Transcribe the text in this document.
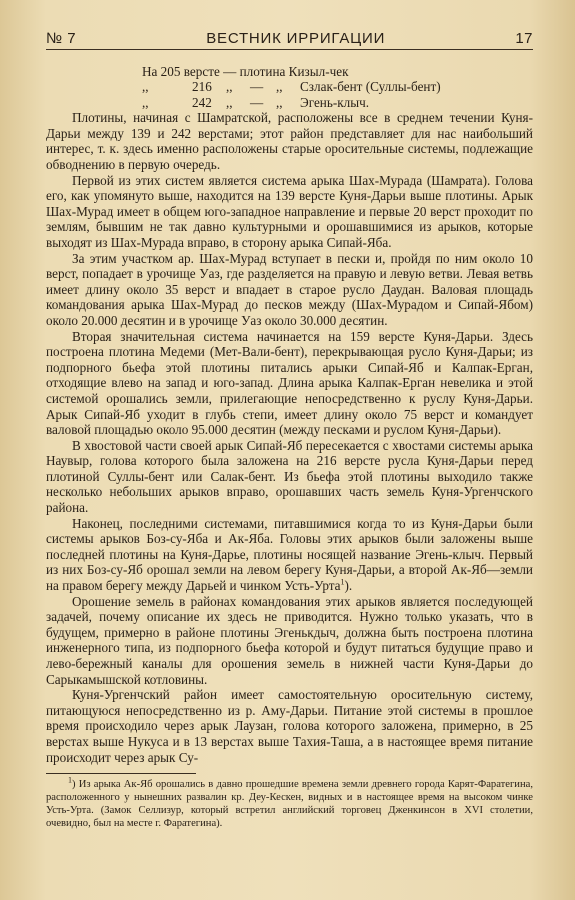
№ 7	ВЕСТНИК ИРРИГАЦИИ	17
На 205 версте — плотина Кизыл-чек
,,	216	,,	— ,,	Сзлак-бент (Суллы-бент)
,,	242	,,	— ,,	Эгень-клыч.

Плотины, начиная с Шамратской, расположены все в среднем течении Куня-Дарьи между 139 и 242 верстами; этот район представляет для нас наибольший интерес, т. к. здесь именно расположены старые оросительные системы, подлежащие обводнению в первую очередь.

Первой из этих систем является система арыка Шах-Мурада (Шамрата). Голова его, как упомянуто выше, находится на 139 версте Куня-Дарьи выше плотины. Арык Шах-Мурад имеет в общем юго-западное направление и первые 20 верст проходит по землям, бывшим не так давно культурными и орошавшимися из арыков, которые выходят из Шах-Мурада вправо, в сторону арыка Сипай-Яба.

За этим участком ар. Шах-Мурад вступает в пески и, пройдя по ним около 10 верст, попадает в урочище Уаз, где разделяется на правую и левую ветви. Левая ветвь имеет длину около 35 верст и впадает в старое русло Даудан. Валовая площадь командования арыка Шах-Мурад до песков между (Шах-Мурадом и Сипай-Ябом) около 20.000 десятин и в урочище Уаз около 30.000 десятин.

Вторая значительная система начинается на 159 версте Куня-Дарьи. Здесь построена плотина Медеми (Мет-Вали-бент), перекрывающая русло Куня-Дарьи; из подпорного бьефа этой плотины питались арыки Сипай-Яб и Калпак-Ерган, отходящие влево на запад и юго-запад. Длина арыка Калпак-Ерган невелика и этой системой орошались земли, прилегающие непосредственно к руслу Куня-Дарьи. Арык Сипай-Яб уходит в глубь степи, имеет длину около 75 верст и командует валовой площадью около 95.000 десятин (между песками и руслом Куня-Дарьи).

В хвостовой части своей арык Сипай-Яб пересекается с хвостами системы арыка Наувыр, голова которого была заложена на 216 версте русла Куня-Дарьи перед плотиной Суллы-бент или Салак-бент. Из бьефа этой плотины выходило также несколько небольших арыков вправо, орошавших часть земель Куня-Ургенчского района.

Наконец, последними системами, питавшимися когда то из Куня-Дарьи были системы арыков Боз-су-Яба и Ак-Яба. Головы этих арыков были заложены выше последней плотины на Куня-Дарье, плотины носящей название Эгень-клыч. Первый из них Боз-су-Яб орошал земли на левом берегу Куня-Дарьи, а второй Ак-Яб—земли на правом берегу между Дарьей и чинком Усть-Урта$^1$).

Орошение земель в районах командования этих арыков является последующей задачей, почему описание их здесь не приводится. Нужно только указать, что в будущем, примерно в районе плотины Эгенькдыч, должна быть построена плотина инженерного типа, из подпорного бьефа которой и будут питаться будущие право и лево-бережный каналы для орошения земель в нижней части Куня-Дарьи до Сарыкамышской котловины.

Куня-Ургенчский район имеет самостоятельную оросительную систему, питающуюся непосредственно из р. Аму-Дарьи. Питание этой системы в прошлое время происходило через арык Лаузан, голова которого заложена, примерно, в 25 верстах выше Нукуса и в 13 верстах выше Тахия-Таша, а в настоящее время питание происходит через арык Су-

$^1$) Из арыка Ак-Яб орошались в давно прошедшие времена земли древнего города Карят-Фаратегина, расположенного у нынешних развалин кр. Деу-Кескен, видных и в настоящее время на высоком чинке Усть-Урта. (Замок Селлизур, который встретил английский торговец Дженкинсон в XVI столетии, очевидно, был на месте г. Фаратегина).
